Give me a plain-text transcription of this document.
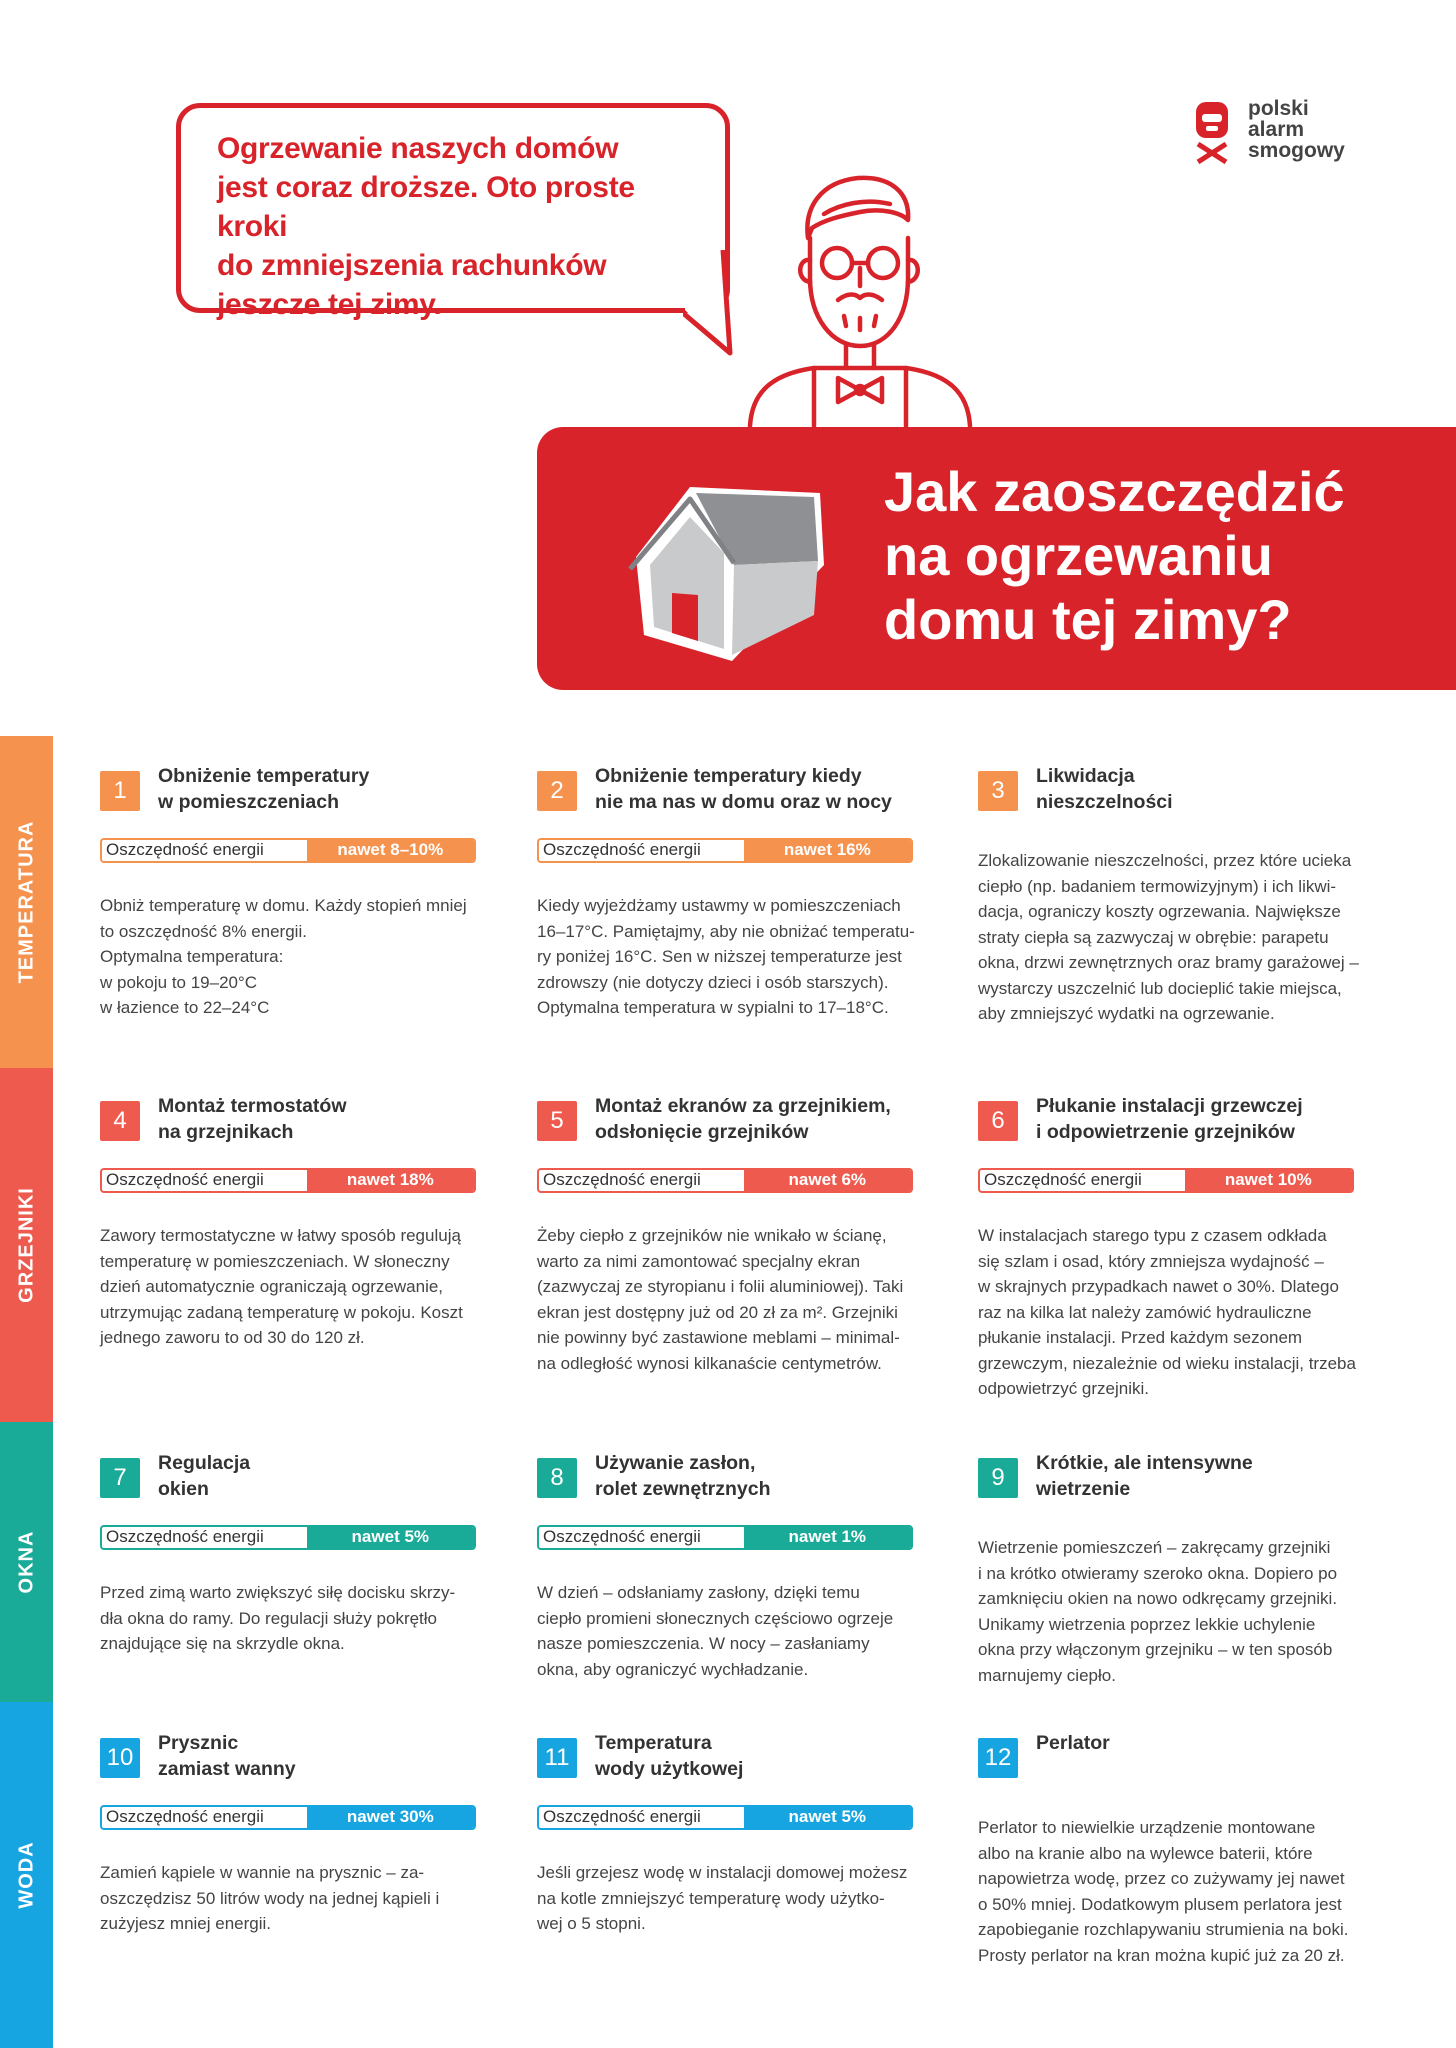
Ogrzewanie naszych domów
jest coraz droższe. Oto proste kroki
do zmniejszenia rachunków
jeszcze tej zimy.
polski
alarm
smogowy
Jak zaoszczędzić
na ogrzewaniu
domu tej zimy?
TEMPERATURA
GRZEJNIKI
OKNA
WODA
1
Obniżenie temperatury
w pomieszczeniach
Oszczędność energii	nawet 8–10%
Obniż temperaturę w domu. Każdy stopień mniej
to oszczędność 8% energii.
Optymalna temperatura:
w pokoju to 19–20°C
w łazience to 22–24°C
2
Obniżenie temperatury kiedy
nie ma nas w domu oraz w nocy
Oszczędność energii	nawet 16%
Kiedy wyjeżdżamy ustawmy w pomieszczeniach
16–17°C. Pamiętajmy, aby nie obniżać temperatu-
ry poniżej 16°C. Sen w niższej temperaturze jest
zdrowszy (nie dotyczy dzieci i osób starszych).
Optymalna temperatura w sypialni to 17–18°C.
3
Likwidacja
nieszczelności
Zlokalizowanie nieszczelności, przez które ucieka
ciepło (np. badaniem termowizyjnym) i ich likwi-
dacja, ograniczy koszty ogrzewania. Największe
straty ciepła są zazwyczaj w obrębie: parapetu
okna, drzwi zewnętrznych oraz bramy garażowej –
wystarczy uszczelnić lub docieplić takie miejsca,
aby zmniejszyć wydatki na ogrzewanie.
4
Montaż termostatów
na grzejnikach
Oszczędność energii	nawet 18%
Zawory termostatyczne w łatwy sposób regulują
temperaturę w pomieszczeniach. W słoneczny
dzień automatycznie ograniczają ogrzewanie,
utrzymując zadaną temperaturę w pokoju. Koszt
jednego zaworu to od 30 do 120 zł.
5
Montaż ekranów za grzejnikiem,
odsłonięcie grzejników
Oszczędność energii	nawet 6%
Żeby ciepło z grzejników nie wnikało w ścianę,
warto za nimi zamontować specjalny ekran
(zazwyczaj ze styropianu i folii aluminiowej). Taki
ekran jest dostępny już od 20 zł za m². Grzejniki
nie powinny być zastawione meblami – minimal-
na odległość wynosi kilkanaście centymetrów.
6
Płukanie instalacji grzewczej
i odpowietrzenie grzejników
Oszczędność energii	nawet 10%
W instalacjach starego typu z czasem odkłada
się szlam i osad, który zmniejsza wydajność –
w skrajnych przypadkach nawet o 30%. Dlatego
raz na kilka lat należy zamówić hydrauliczne
płukanie instalacji. Przed każdym sezonem
grzewczym, niezależnie od wieku instalacji, trzeba
odpowietrzyć grzejniki.
7
Regulacja
okien
Oszczędność energii	nawet 5%
Przed zimą warto zwiększyć siłę docisku skrzy-
dła okna do ramy. Do regulacji służy pokrętło
znajdujące się na skrzydle okna.
8
Używanie zasłon,
rolet zewnętrznych
Oszczędność energii	nawet 1%
W dzień – odsłaniamy zasłony, dzięki temu
ciepło promieni słonecznych częściowo ogrzeje
nasze pomieszczenia. W nocy – zasłaniamy
okna, aby ograniczyć wychładzanie.
9
Krótkie, ale intensywne
wietrzenie
Wietrzenie pomieszczeń – zakręcamy grzejniki
i na krótko otwieramy szeroko okna. Dopiero po
zamknięciu okien na nowo odkręcamy grzejniki.
Unikamy wietrzenia poprzez lekkie uchylenie
okna przy włączonym grzejniku – w ten sposób
marnujemy ciepło.
10
Prysznic
zamiast wanny
Oszczędność energii	nawet 30%
Zamień kąpiele w wannie na prysznic – za-
oszczędzisz 50 litrów wody na jednej kąpieli i
zużyjesz mniej energii.
11
Temperatura
wody użytkowej
Oszczędność energii	nawet 5%
Jeśli grzejesz wodę w instalacji domowej możesz
na kotle zmniejszyć temperaturę wody użytko-
wej o 5 stopni.
12
Perlator
Perlator to niewielkie urządzenie montowane
albo na kranie albo na wylewce baterii, które
napowietrza wodę, przez co zużywamy jej nawet
o 50% mniej. Dodatkowym plusem perlatora jest
zapobieganie rozchlapywaniu strumienia na boki.
Prosty perlator na kran można kupić już za 20 zł.
